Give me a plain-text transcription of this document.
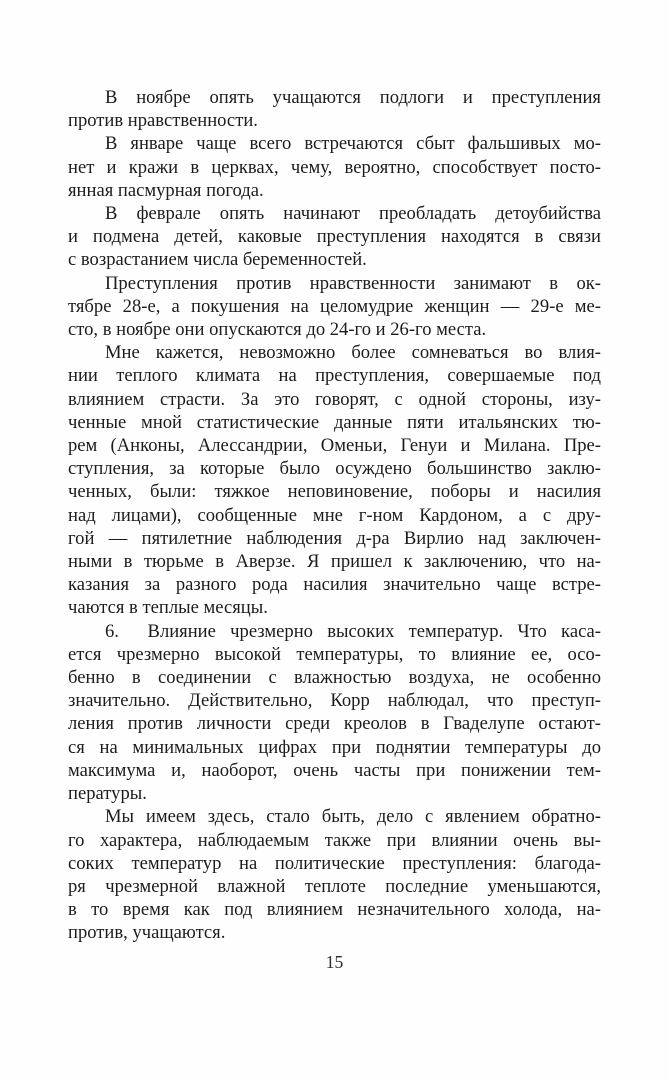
В ноябре опять учащаются подлоги и преступления
против нравственности.
В январе чаще всего встречаются сбыт фальшивых мо-
нет и кражи в церквах, чему, вероятно, способствует посто-
янная пасмурная погода.
В феврале опять начинают преобладать детоубийства
и подмена детей, каковые преступления находятся в связи
с возрастанием числа беременностей.
Преступления против нравственности занимают в ок-
тябре 28-е, а покушения на целомудрие женщин — 29-е ме-
сто, в ноябре они опускаются до 24-го и 26-го места.
Мне кажется, невозможно более сомневаться во влия-
нии теплого климата на преступления, совершаемые под
влиянием страсти. За это говорят, с одной стороны, изу-
ченные мной статистические данные пяти итальянских тю-
рем (Анконы, Алессандрии, Оменьи, Генуи и Милана. Пре-
ступления, за которые было осуждено большинство заклю-
ченных, были: тяжкое неповиновение, поборы и насилия
над лицами), сообщенные мне г-ном Кардоном, а с дру-
гой — пятилетние наблюдения д-ра Вирлио над заключен-
ными в тюрьме в Аверзе. Я пришел к заключению, что на-
казания за разного рода насилия значительно чаще встре-
чаются в теплые месяцы.
6.  Влияние чрезмерно высоких температур. Что каса-
ется чрезмерно высокой температуры, то влияние ее, осо-
бенно в соединении с влажностью воздуха, не особенно
значительно. Действительно, Корр наблюдал, что преступ-
ления против личности среди креолов в Гваделупе остают-
ся на минимальных цифрах при поднятии температуры до
максимума и, наоборот, очень часты при понижении тем-
пературы.
Мы имеем здесь, стало быть, дело с явлением обратно-
го характера, наблюдаемым также при влиянии очень вы-
соких температур на политические преступления: благода-
ря чрезмерной влажной теплоте последние уменьшаются,
в то время как под влиянием незначительного холода, на-
против, учащаются.
15
